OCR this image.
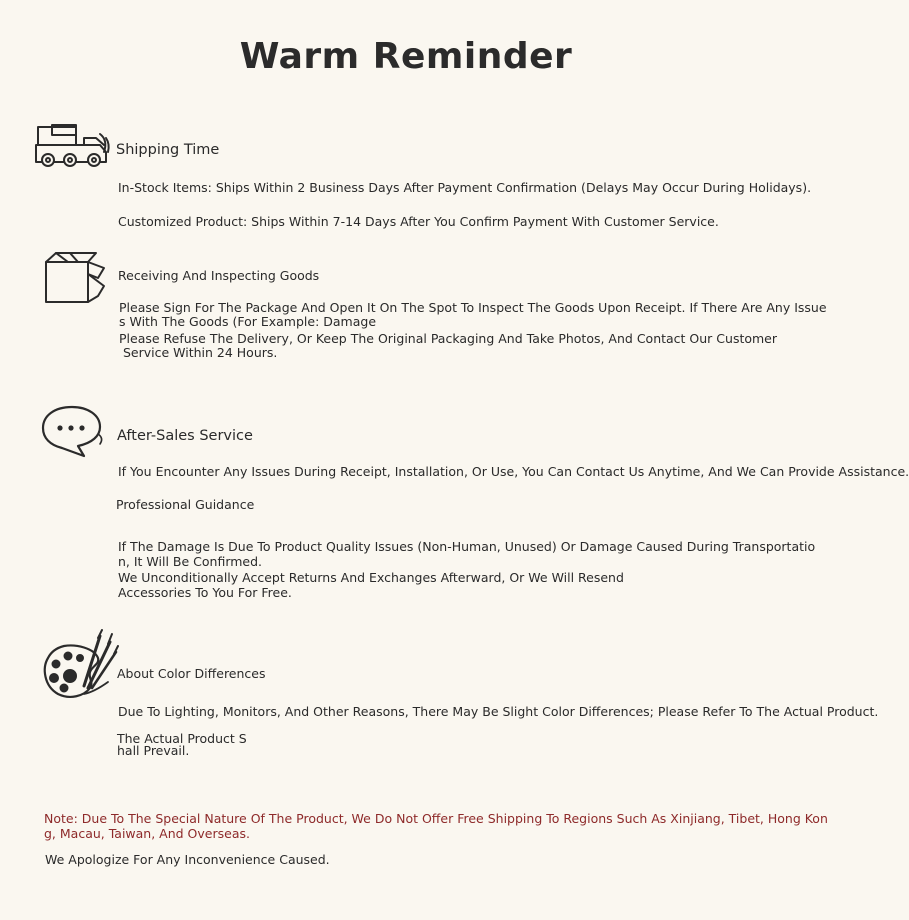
Warm Reminder
Shipping Time
In-Stock Items: Ships Within 2 Business Days After Payment Confirmation (Delays May Occur During Holidays).
Customized Product: Ships Within 7-14 Days After You Confirm Payment With Customer Service.
Receiving And Inspecting Goods
Please Sign For The Package And Open It On The Spot To Inspect The Goods Upon Receipt. If There Are Any Issue
s With The Goods (For Example: Damage
Please Refuse The Delivery, Or Keep The Original Packaging And Take Photos, And Contact Our Customer
Service Within 24 Hours.
After-Sales Service
If You Encounter Any Issues During Receipt, Installation, Or Use, You Can Contact Us Anytime, And We Can Provide Assistance.
Professional Guidance
If The Damage Is Due To Product Quality Issues (Non-Human, Unused) Or Damage Caused During Transportatio
n, It Will Be Confirmed.
We Unconditionally Accept Returns And Exchanges Afterward, Or We Will Resend
Accessories To You For Free.
About Color Differences
Due To Lighting, Monitors, And Other Reasons, There May Be Slight Color Differences; Please Refer To The Actual Product.
The Actual Product S
hall Prevail.
Note: Due To The Special Nature Of The Product, We Do Not Offer Free Shipping To Regions Such As Xinjiang, Tibet, Hong Kon
g, Macau, Taiwan, And Overseas.
We Apologize For Any Inconvenience Caused.
